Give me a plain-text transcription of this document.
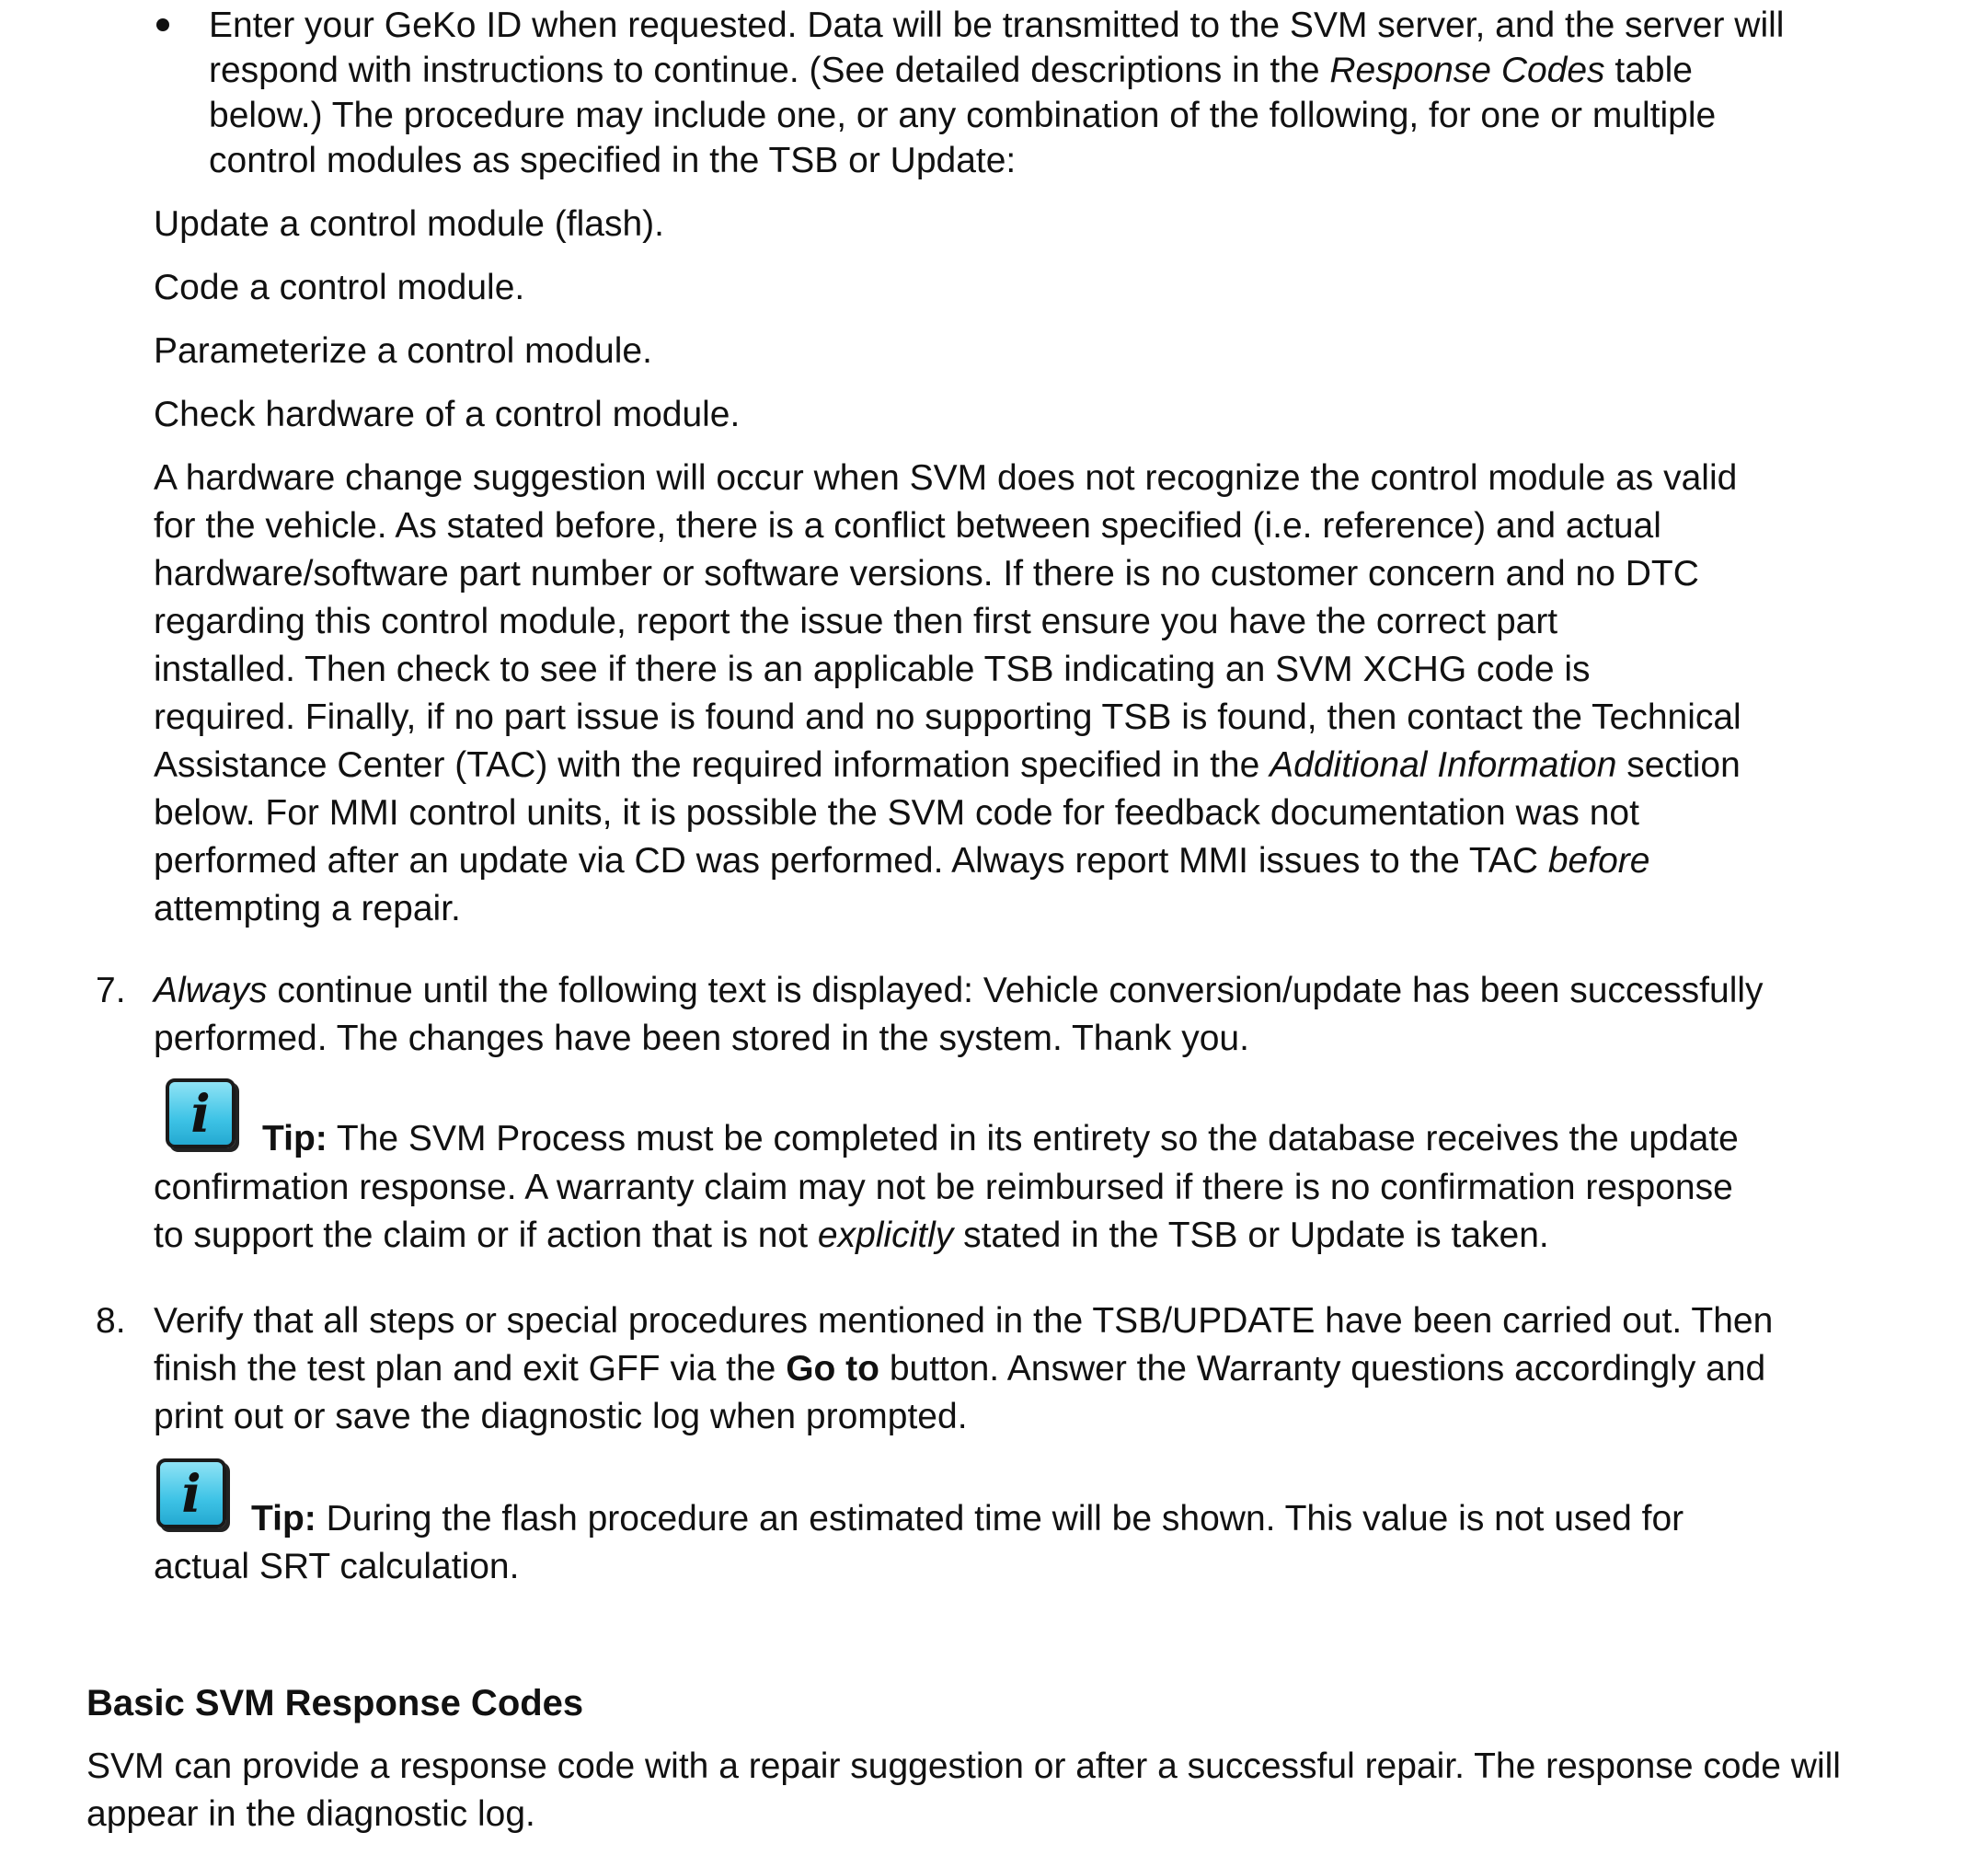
Enter your GeKo ID when requested. Data will be transmitted to the SVM server, and the server will
respond with instructions to continue. (See detailed descriptions in the Response Codes table
below.) The procedure may include one, or any combination of the following, for one or multiple
control modules as specified in the TSB or Update:
Update a control module (flash).
Code a control module.
Parameterize a control module.
Check hardware of a control module.
A hardware change suggestion will occur when SVM does not recognize the control module as valid
for the vehicle. As stated before, there is a conflict between specified (i.e. reference) and actual
hardware/software part number or software versions. If there is no customer concern and no DTC
regarding this control module, report the issue then first ensure you have the correct part
installed. Then check to see if there is an applicable TSB indicating an SVM XCHG code is
required. Finally, if no part issue is found and no supporting TSB is found, then contact the Technical
Assistance Center (TAC) with the required information specified in the Additional Information section
below. For MMI control units, it is possible the SVM code for feedback documentation was not
performed after an update via CD was performed. Always report MMI issues to the TAC before
attempting a repair.
7. Always continue until the following text is displayed: Vehicle conversion/update has been successfully
performed. The changes have been stored in the system. Thank you.
i	Tip: The SVM Process must be completed in its entirety so the database receives the update
confirmation response. A warranty claim may not be reimbursed if there is no confirmation response
to support the claim or if action that is not explicitly stated in the TSB or Update is taken.
8. Verify that all steps or special procedures mentioned in the TSB/UPDATE have been carried out. Then
finish the test plan and exit GFF via the Go to button. Answer the Warranty questions accordingly and
print out or save the diagnostic log when prompted.
i	Tip: During the flash procedure an estimated time will be shown. This value is not used for
actual SRT calculation.
Basic SVM Response Codes
SVM can provide a response code with a repair suggestion or after a successful repair. The response code will
appear in the diagnostic log.
